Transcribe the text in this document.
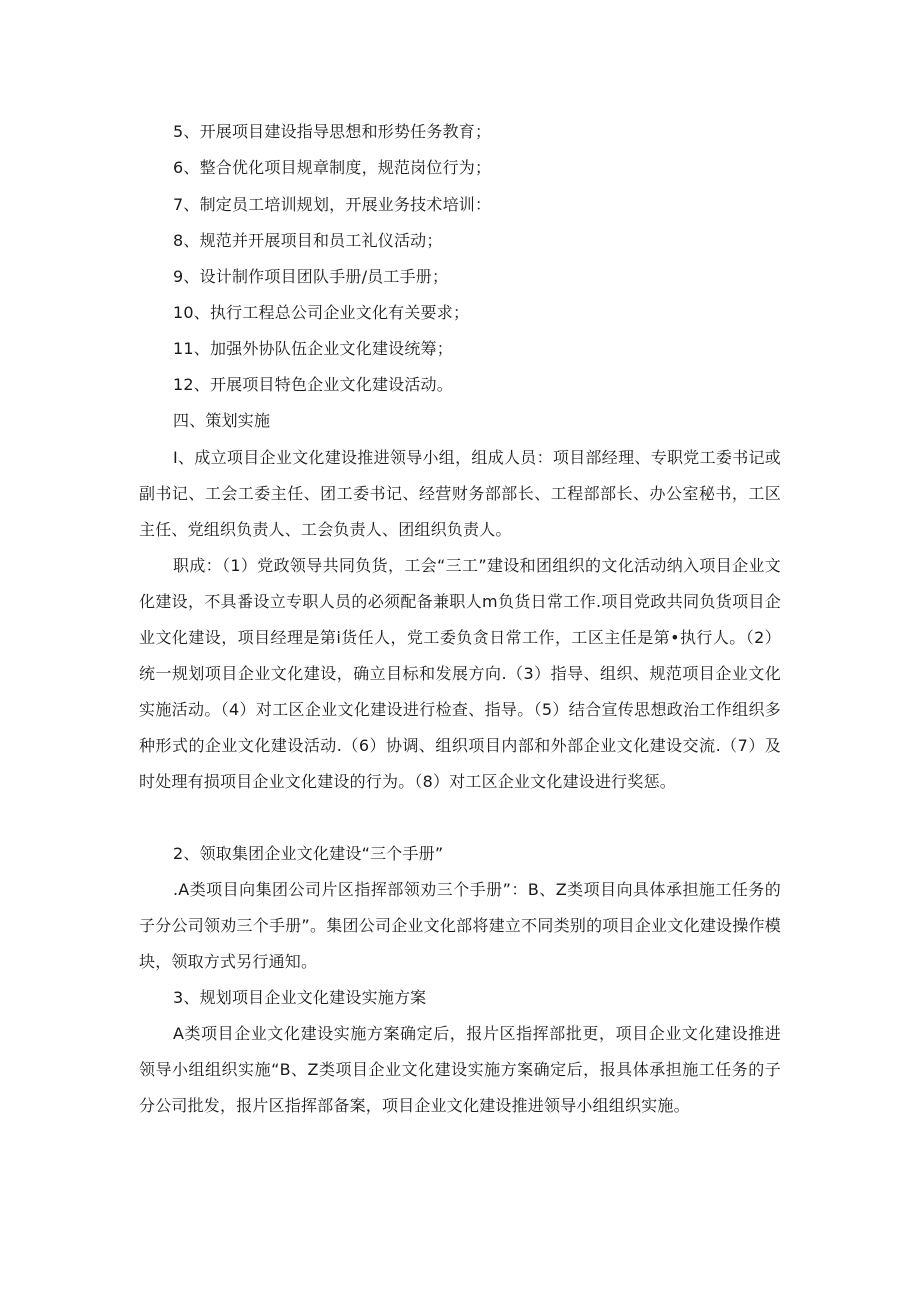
5、开展项目建设指导思想和形势任务教育；
6、整合优化项目规章制度，规范岗位行为；
7、制定员工培训规划，开展业务技术培训：
8、规范并开展项目和员工礼仪活动；
9、设计制作项目团队手册/员工手册；
10、执行工程总公司企业文化有关要求；
11、加强外协队伍企业文化建设统筹；
12、开展项目特色企业文化建设活动。
四、策划实施
I、成立项目企业文化建设推进领导小组，组成人员：项目部经理、专职党工委书记或副书记、工会工委主任、团工委书记、经营财务部部长、工程部部长、办公室秘书，工区主任、党组织负责人、工会负责人、团组织负责人。
职成：（1）党政领导共同负货，工会“三工”建设和团组织的文化活动纳入项目企业文化建设，不具番设立专职人员的必须配备兼职人m负货日常工作.项目党政共同负货项目企业文化建设，项目经理是第i货任人，党工委负贪日常工作，工区主任是第•执行人。（2）统一规划项目企业文化建设，确立目标和发展方向.（3）指导、组织、规范项目企业文化实施活动。（4）对工区企业文化建设进行检查、指导。（5）结合宣传思想政治工作组织多种形式的企业文化建设活动.（6）协调、组织项目内部和外部企业文化建设交流.（7）及时处理有损项目企业文化建设的行为。（8）对工区企业文化建设进行奖惩。
2、领取集团企业文化建设“三个手册”
.A类项目向集团公司片区指挥部领劝三个手册”：B、Z类项目向具体承担施工任务的子分公司领劝三个手册”。集团公司企业文化部将建立不同类别的项目企业文化建设操作模块，领取方式另行通知。
3、规划项目企业文化建设实施方案
A类项目企业文化建设实施方案确定后，报片区指挥部批更，项目企业文化建设推进领导小组组织实施“B、Z类项目企业文化建设实施方案确定后，报具体承担施工任务的子分公司批发，报片区指挥部备案，项目企业文化建设推进领导小组组织实施。
